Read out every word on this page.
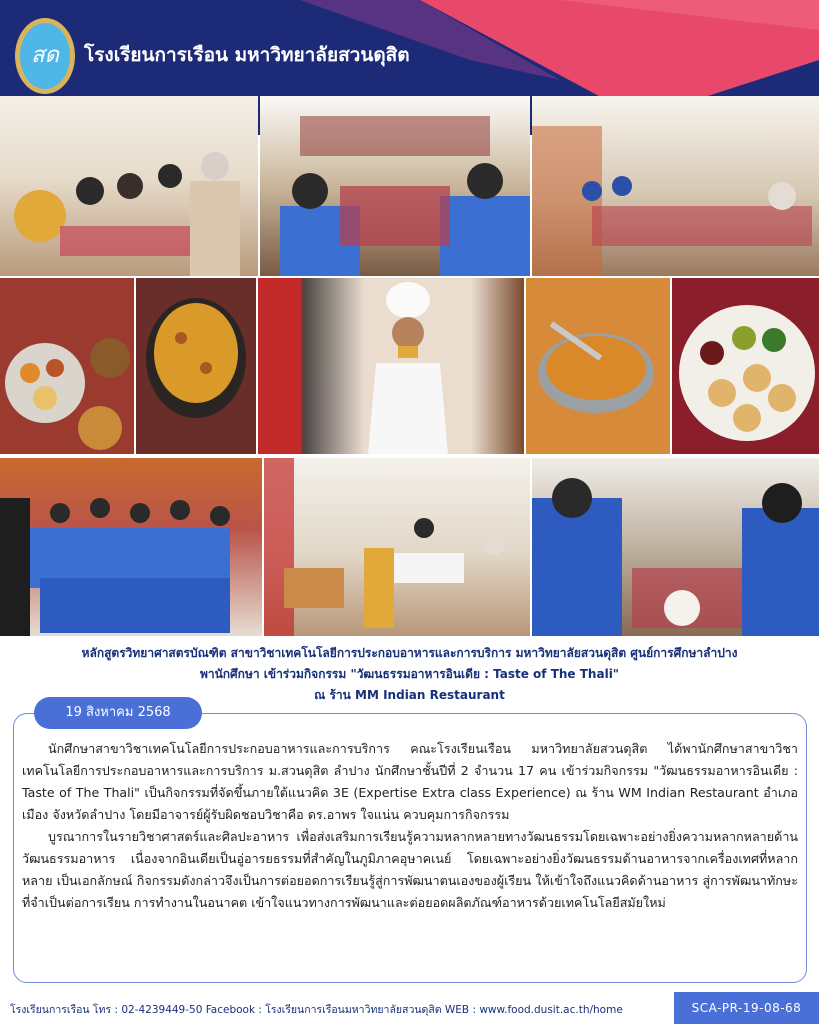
สด โรงเรียนการเรือน มหาวิทยาลัยสวนดุสิต
หลักสูตรวิทยาศาสตรบัณฑิต สาขาวิชาเทคโนโลยีการประกอบอาหารและการบริการ มหาวิทยาลัยสวนดุสิต ศูนย์การศึกษาลำปาง
พานักศึกษา เข้าร่วมกิจกรรม "วัฒนธรรมอาหารอินเดีย : Taste of The Thali"
ณ ร้าน MM Indian Restaurant
19 สิงหาคม 2568

นักศึกษาสาขาวิชาเทคโนโลยีการประกอบอาหารและการบริการ คณะโรงเรียนเรือน มหาวิทยาลัยสวนดุสิต ได้พานักศึกษาสาขาวิชาเทคโนโลยีการประกอบอาหารและการบริการ ม.สวนดุสิต ลำปาง นักศึกษาชั้นปีที่ 2 จำนวน 17 คน เข้าร่วมกิจกรรม "วัฒนธรรมอาหารอินเดีย : Taste of The Thali" เป็นกิจกรรมที่จัดขึ้นภายใต้แนวคิด 3E (Expertise Extra class Experience) ณ ร้าน WM Indian Restaurant อำเภอเมือง จังหวัดลำปาง โดยมีอาจารย์ผู้รับผิดชอบวิชาคือ ดร.อาพร ใจแน่น ควบคุมการกิจกรรม

บูรณาการในรายวิชาศาสตร์และศิลปะอาหาร เพื่อส่งเสริมการเรียนรู้ความหลากหลายทางวัฒนธรรมโดยเฉพาะอย่างยิ่งความหลากหลายด้านวัฒนธรรมอาหาร เนื่องจากอินเดียเป็นอู่อารยธรรมที่สำคัญในภูมิภาคอุษาคเนย์ โดยเฉพาะอย่างยิ่งวัฒนธรรมด้านอาหารจากเครื่องเทศที่หลากหลาย เป็นเอกลักษณ์ กิจกรรมดังกล่าวจึงเป็นการต่อยอดการเรียนรู้สู่การพัฒนาตนเองของผู้เรียน ให้เข้าใจถึงแนวคิดด้านอาหาร สู่การพัฒนาทักษะที่จำเป็นต่อการเรียน การทำงานในอนาคต เข้าใจแนวทางการพัฒนาและต่อยอดผลิตภัณฑ์อาหารด้วยเทคโนโลยีสมัยใหม่

โรงเรียนการเรือน โทร : 02-4239449-50 Facebook : โรงเรียนการเรือนมหาวิทยาลัยสวนดุสิต WEB : www.food.dusit.ac.th/home	SCA-PR-19-08-68
